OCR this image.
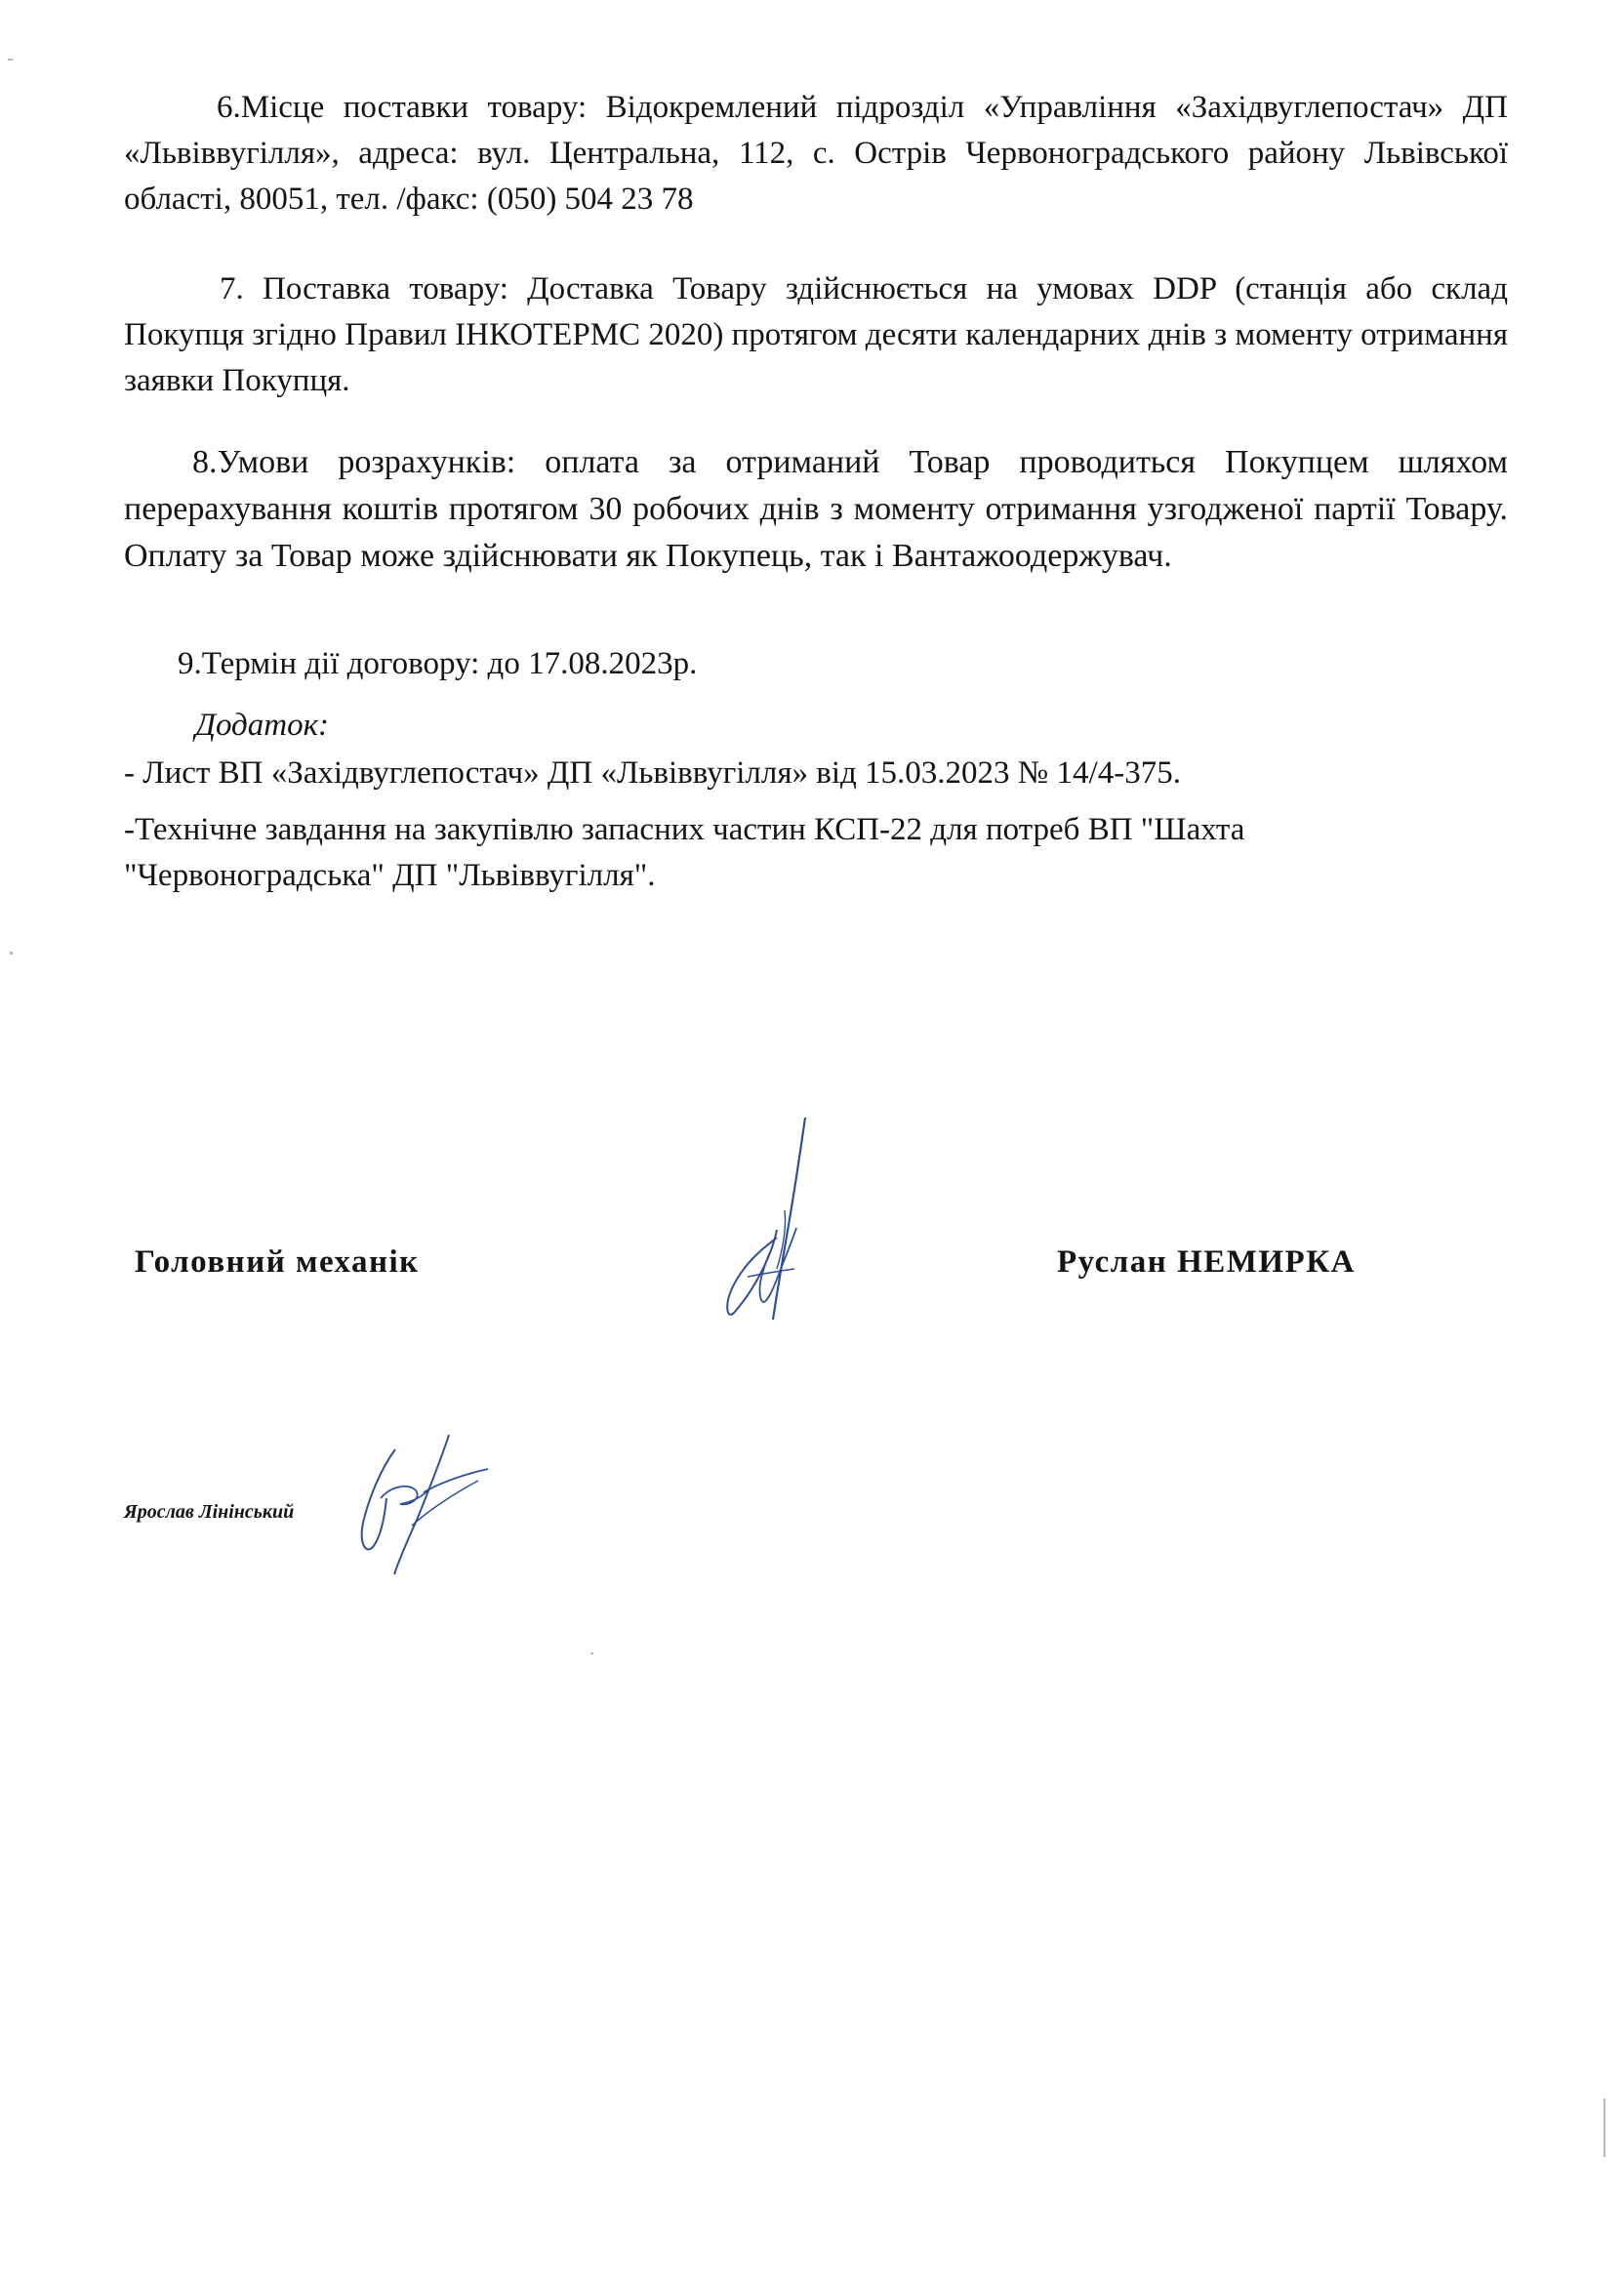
6.Місце поставки товару: Відокремлений підрозділ «Управління «Західвуглепостач» ДП «Львіввугілля», адреса: вул. Центральна, 112, с. Острів Червоноградського району Львівської області, 80051, тел. /факс: (050) 504 23 78

7. Поставка товару: Доставка Товару здійснюється на умовах DDP (станція або склад Покупця згідно Правил ІНКОТЕРМС 2020) протягом десяти календарних днів з моменту отримання заявки Покупця.

8.Умови розрахунків: оплата за отриманий Товар проводиться Покупцем шляхом перерахування коштів протягом 30 робочих днів з моменту отримання узгодженої партії Товару. Оплату за Товар може здійснювати як Покупець, так і Вантажоодержувач.

9.Термін дії договору: до 17.08.2023р.

Додаток:

- Лист ВП «Західвуглепостач» ДП «Львіввугілля» від 15.03.2023 № 14/4-375.

-Технічне завдання на закупівлю запасних частин КСП-22 для потреб ВП "Шахта "Червоноградська" ДП "Львіввугілля".

Головний механік	Руслан НЕМИРКА

Ярослав Лінінський
